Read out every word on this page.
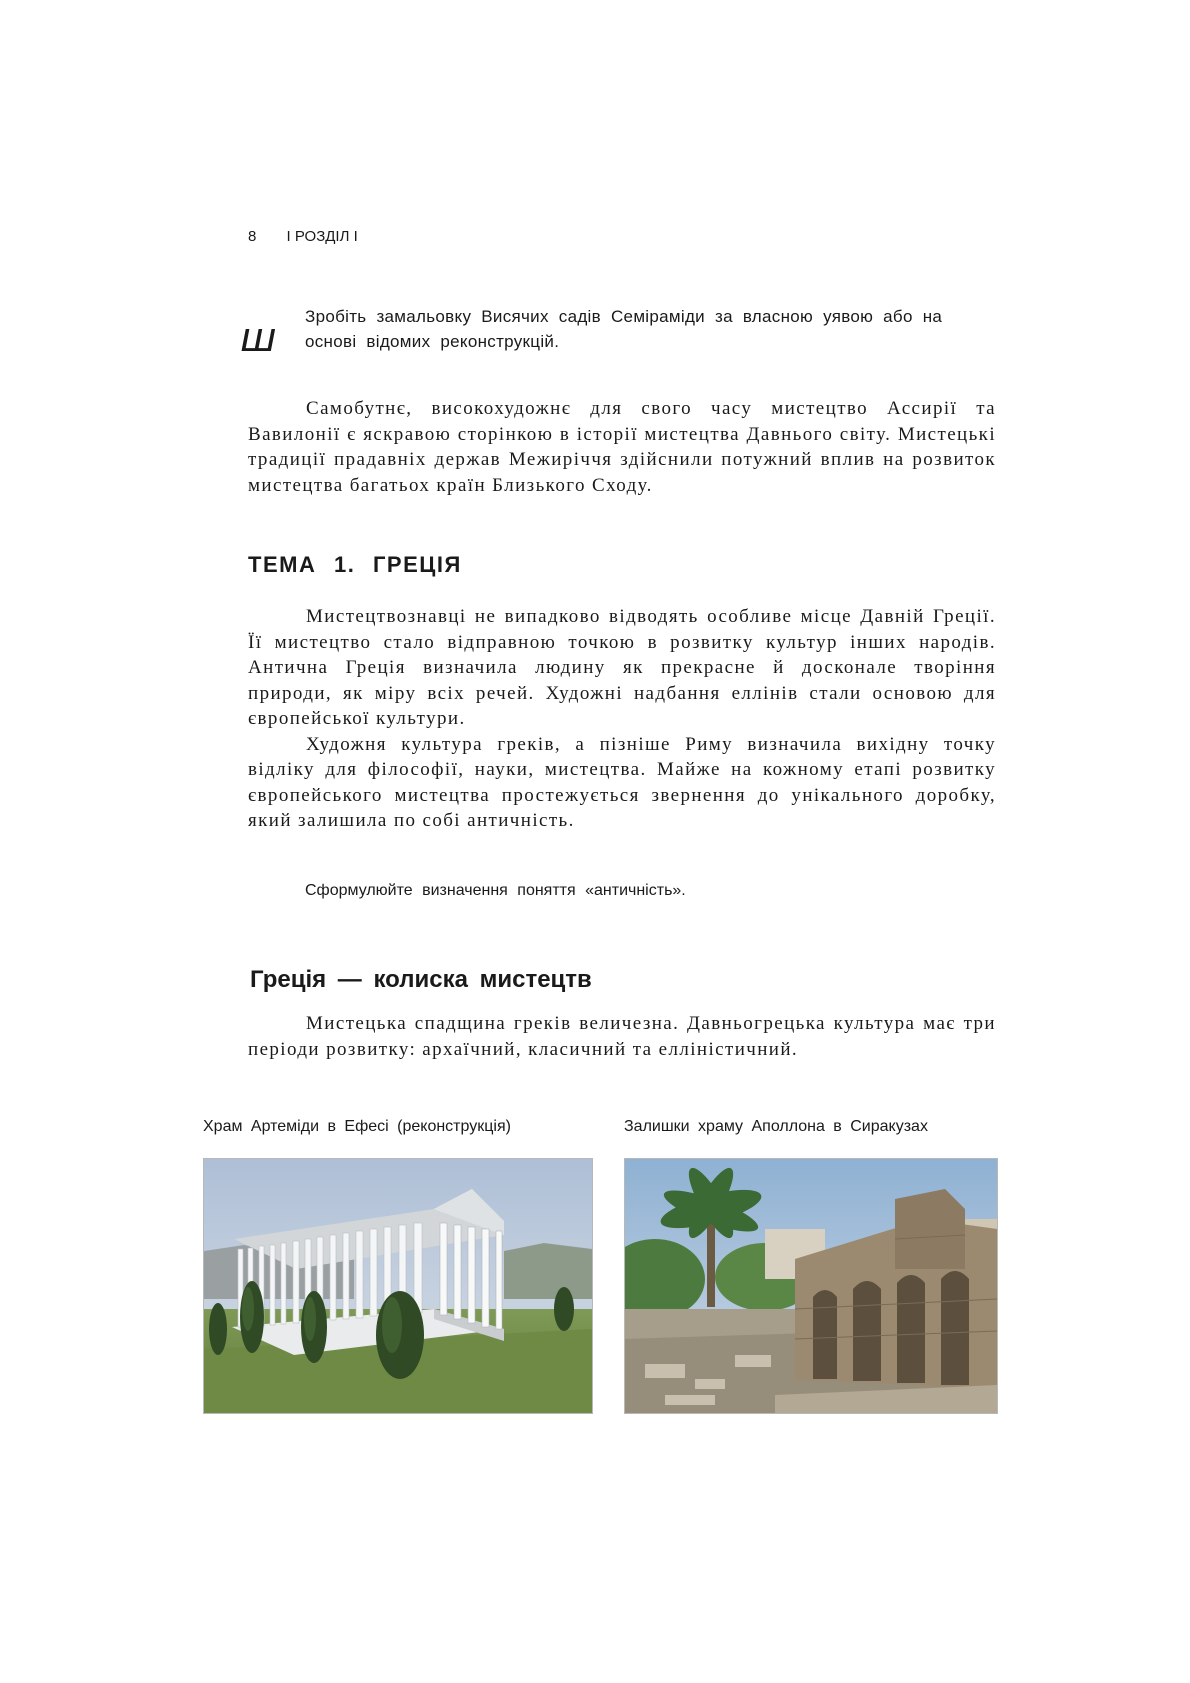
8 I РОЗДІЛ I
ш Зробіть замальовку Висячих садів Семіраміди за власною уявою або на основі відомих реконструкцій.

Самобутнє, високохудожнє для свого часу мистецтво Ассирії та Вавилонії є яскравою сторінкою в історії мистецтва Давнього світу. Мистецькі традиції прадавніх держав Межиріччя здійснили потужний вплив на розвиток мистецтва багатьох країн Близького Сходу.

ТЕМА 1. ГРЕЦІЯ

Мистецтвознавці не випадково відводять особливе місце Давній Греції. Її мистецтво стало відправною точкою в розвитку культур інших народів. Антична Греція визначила людину як прекрасне й досконале творіння природи, як міру всіх речей. Художні надбання еллінів стали основою для європейської культури.

Художня культура греків, а пізніше Риму визначила вихідну точку відліку для філософії, науки, мистецтва. Майже на кожному етапі розвитку європейського мистецтва простежується звернення до унікального доробку, який залишила по собі античність.

Сформулюйте визначення поняття «античність».
Греція — колиска мистецтв

Мистецька спадщина греків величезна. Давньогрецька культура має три періоди розвитку: архаїчний, класичний та елліністичний.

Храм Артеміди в Ефесі (реконструкція)	Залишки храму Аполлона в Сиракузах
